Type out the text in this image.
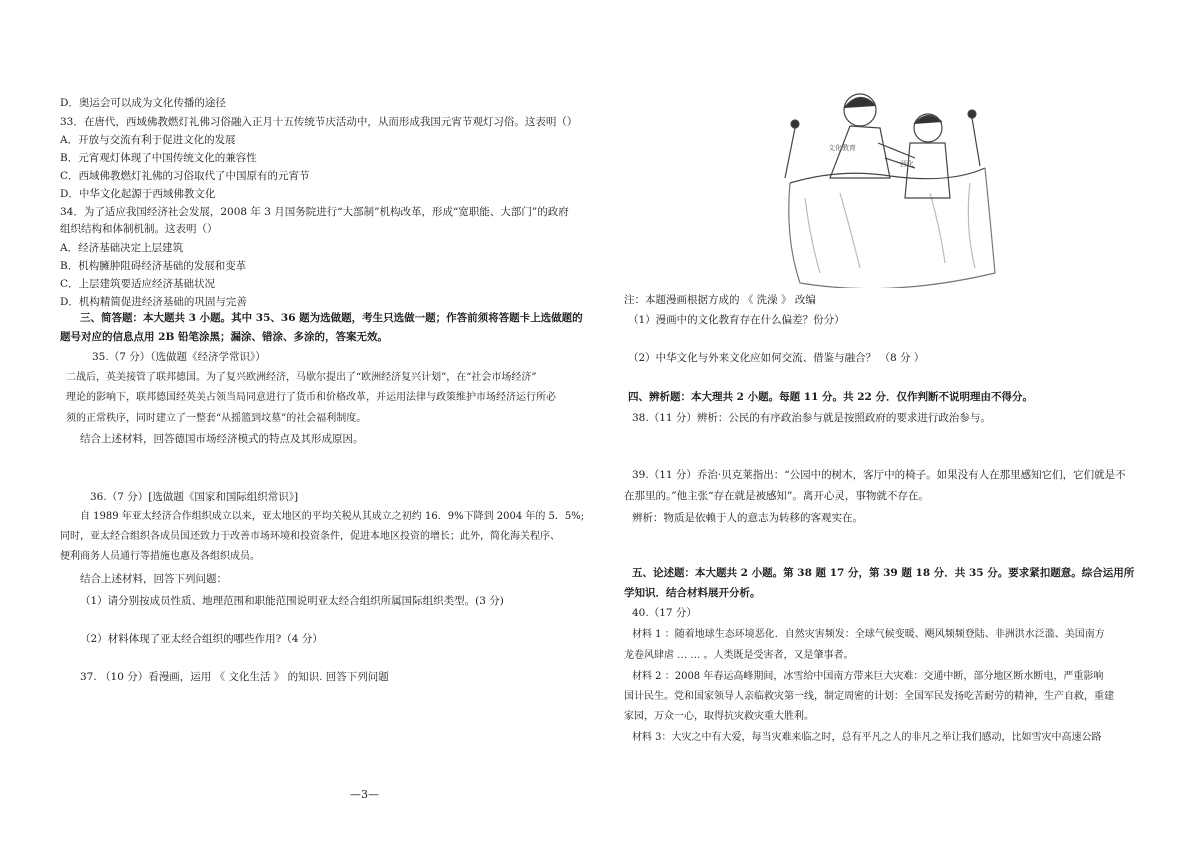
D．奥运会可以成为文化传播的途径
33．在唐代，西域佛教燃灯礼佛习俗融入正月十五传统节庆活动中，从而形成我国元宵节观灯习俗。这表明（）
A．开放与交流有利于促进文化的发展
B．元宵观灯体现了中国传统文化的兼容性
C．西域佛教燃灯礼佛的习俗取代了中国原有的元宵节
D．中华文化起源于西域佛教文化
34．为了适应我国经济社会发展，2008 年 3 月国务院进行“大部制”机构改革，形成“宽职能、大部门”的政府
组织结构和体制机制。这表明（）
A．经济基础决定上层建筑
B．机构臃肿阻碍经济基础的发展和变革
C．上层建筑要适应经济基础状况
D．机构精简促进经济基础的巩固与完善
三、简答题：本大题共 3 小题。其中 35、36 题为选做题，考生只选做一题；作答前须将答题卡上选做题的
题号对应的信息点用 2B 铅笔涂黑；漏涂、错涂、多涂的，答案无效。
35.（7 分）（选做题《经济学常识》）
二战后，英美接管了联邦德国。为了复兴欧洲经济，马歇尔提出了“欧洲经济复兴计划”，在“社会市场经济”
理论的影响下，联邦德国经英美占领当局同意进行了货币和价格改革，并运用法律与政策维护市场经济运行所必
须的正常秩序，同时建立了一整套“从摇篮到坟墓”的社会福利制度。
结合上述材料，回答德国市场经济模式的特点及其形成原因。
36.（7 分）[选做题《国家和国际组织常识》]
自 1989 年亚太经济合作组织成立以来，亚太地区的平均关税从其成立之初约 16．9%下降到 2004 年的 5．5%;
同时，亚太经合组织各成员国还致力于改善市场环境和投资条件，促进本地区投资的增长；此外，简化海关程序、
便利商务人员通行等措施也惠及各组织成员。
结合上述材料，回答下列问题：
（1）请分别按成员性质、地理范围和职能范围说明亚太经合组织所属国际组织类型。(3 分)
（2）材料体现了亚太经合组织的哪些作用?（4 分）
37. （10 分）看漫画，运用 《 文化生活 》 的知识. 回答下列问题
—3—
文化教育
西化
注：本题漫画根据方成的 《 洗澡 》 改编
（1）漫画中的文化教育存在什么偏差？份分）
（2）中华文化与外来文化应如何交流、借鉴与融合？ （8 分 ）
四、辨析题：本大理共 2 小题。每题 11 分。共 22 分．仅作判断不说明理由不得分。
38.（11 分）辨析：公民的有序政治参与就是按照政府的要求进行政治参与。
39.（11 分）乔治·贝克莱指出：“公园中的树木，客厅中的椅子。如果没有人在那里感知它们，它们就是不
在那里的。”他主张“存在就是被感知”。离开心灵，事物就不存在。
辨析：物质是依赖于人的意志为转移的客观实在。
五、论述题：本大题共 2 小题。第 38 题 17 分，第 39 题 18 分．共 35 分。要求紧扣题意。综合运用所
学知识．结合材料展开分析。
40.（17 分）
材料 1 ：随着地球生态环境恶化．自然灾害频发：全球气候变暖、飓风频频登陆、非洲洪水泛滥、美国南方
龙卷风肆虐 … … 。人类既是受害者，又是肇事者。
材料 2 ：2008 年春运高峰期间，冰雪给中国南方带来巨大灾难：交通中断，部分地区断水断电，严重影响
国计民生。党和国家领导人亲临救灾第一线，制定周密的计划：全国军民发扬吃苦耐劳的精神，生产自救，重建
家园，万众一心，取得抗灾救灾重大胜利。
材料 3：大灾之中有大爱，每当灾难来临之时，总有平凡之人的非凡之举让我们感动，比如雪灾中高速公路
